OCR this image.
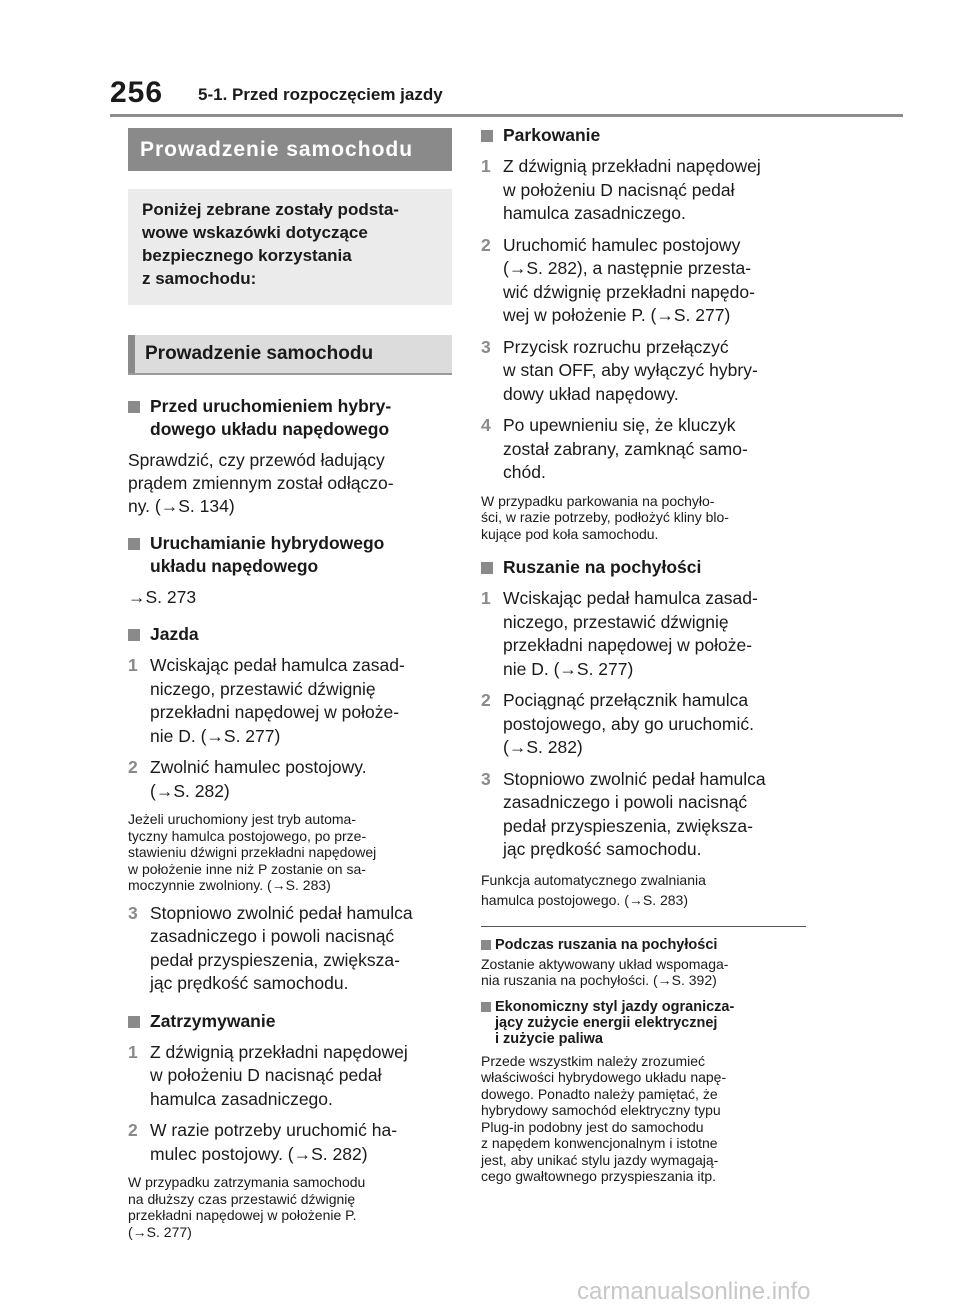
256 5-1. Przed rozpoczęciem jazdy
Prowadzenie samochodu
Poniżej zebrane zostały podsta-
wowe wskazówki dotyczące
bezpiecznego korzystania
z samochodu:
Prowadzenie samochodu
Przed uruchomieniem hybry-
dowego układu napędowego
Sprawdzić, czy przewód ładujący
prądem zmiennym został odłączo-
ny. (→S. 134)
Uruchamianie hybrydowego
układu napędowego
→S. 273
Jazda
1 Wciskając pedał hamulca zasad-
niczego, przestawić dźwignię
przekładni napędowej w położe-
nie D. (→S. 277)
2 Zwolnić hamulec postojowy.
(→S. 282)
Jeżeli uruchomiony jest tryb automa-
tyczny hamulca postojowego, po prze-
stawieniu dźwigni przekładni napędowej
w położenie inne niż P zostanie on sa-
moczynnie zwolniony. (→S. 283)
3 Stopniowo zwolnić pedał hamulca
zasadniczego i powoli nacisnąć
pedał przyspieszenia, zwiększa-
jąc prędkość samochodu.
Zatrzymywanie
1 Z dźwignią przekładni napędowej
w położeniu D nacisnąć pedał
hamulca zasadniczego.
2 W razie potrzeby uruchomić ha-
mulec postojowy. (→S. 282)
W przypadku zatrzymania samochodu
na dłuższy czas przestawić dźwignię
przekładni napędowej w położenie P.
(→S. 277)
Parkowanie
1 Z dźwignią przekładni napędowej
w położeniu D nacisnąć pedał
hamulca zasadniczego.
2 Uruchomić hamulec postojowy
(→S. 282), a następnie przesta-
wić dźwignię przekładni napędo-
wej w położenie P. (→S. 277)
3 Przycisk rozruchu przełączyć
w stan OFF, aby wyłączyć hybry-
dowy układ napędowy.
4 Po upewnieniu się, że kluczyk
został zabrany, zamknąć samo-
chód.
W przypadku parkowania na pochyło-
ści, w razie potrzeby, podłożyć kliny blo-
kujące pod koła samochodu.
Ruszanie na pochyłości
1 Wciskając pedał hamulca zasad-
niczego, przestawić dźwignię
przekładni napędowej w położe-
nie D. (→S. 277)
2 Pociągnąć przełącznik hamulca
postojowego, aby go uruchomić.
(→S. 282)
3 Stopniowo zwolnić pedał hamulca
zasadniczego i powoli nacisnąć
pedał przyspieszenia, zwiększa-
jąc prędkość samochodu.
Funkcja automatycznego zwalniania
hamulca postojowego. (→S. 283)
Podczas ruszania na pochyłości
Zostanie aktywowany układ wspomaga-
nia ruszania na pochyłości. (→S. 392)
Ekonomiczny styl jazdy ogranicza-
jący zużycie energii elektrycznej
i zużycie paliwa
Przede wszystkim należy zrozumieć
właściwości hybrydowego układu napę-
dowego. Ponadto należy pamiętać, że
hybrydowy samochód elektryczny typu
Plug-in podobny jest do samochodu
z napędem konwencjonalnym i istotne
jest, aby unikać stylu jazdy wymagają-
cego gwałtownego przyspieszania itp.
carmanualsonline.info
